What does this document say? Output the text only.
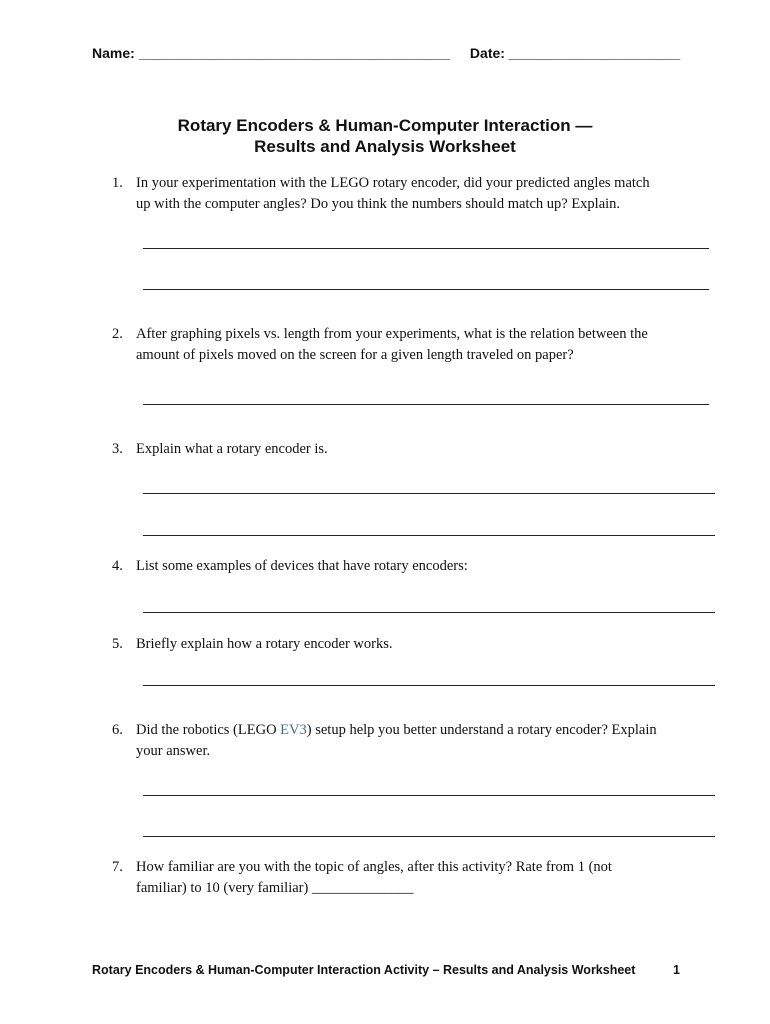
Name: ________________________________________ Date: ______________________
Rotary Encoders & Human-Computer Interaction —
Results and Analysis Worksheet
1. In your experimentation with the LEGO rotary encoder, did your predicted angles match
up with the computer angles? Do you think the numbers should match up? Explain.
2. After graphing pixels vs. length from your experiments, what is the relation between the
amount of pixels moved on the screen for a given length traveled on paper?
3. Explain what a rotary encoder is.
4. List some examples of devices that have rotary encoders:
5. Briefly explain how a rotary encoder works.
6. Did the robotics (LEGO EV3) setup help you better understand a rotary encoder? Explain
your answer.
7. How familiar are you with the topic of angles, after this activity? Rate from 1 (not
familiar) to 10 (very familiar) ______________
Rotary Encoders & Human-Computer Interaction Activity – Results and Analysis Worksheet	1
